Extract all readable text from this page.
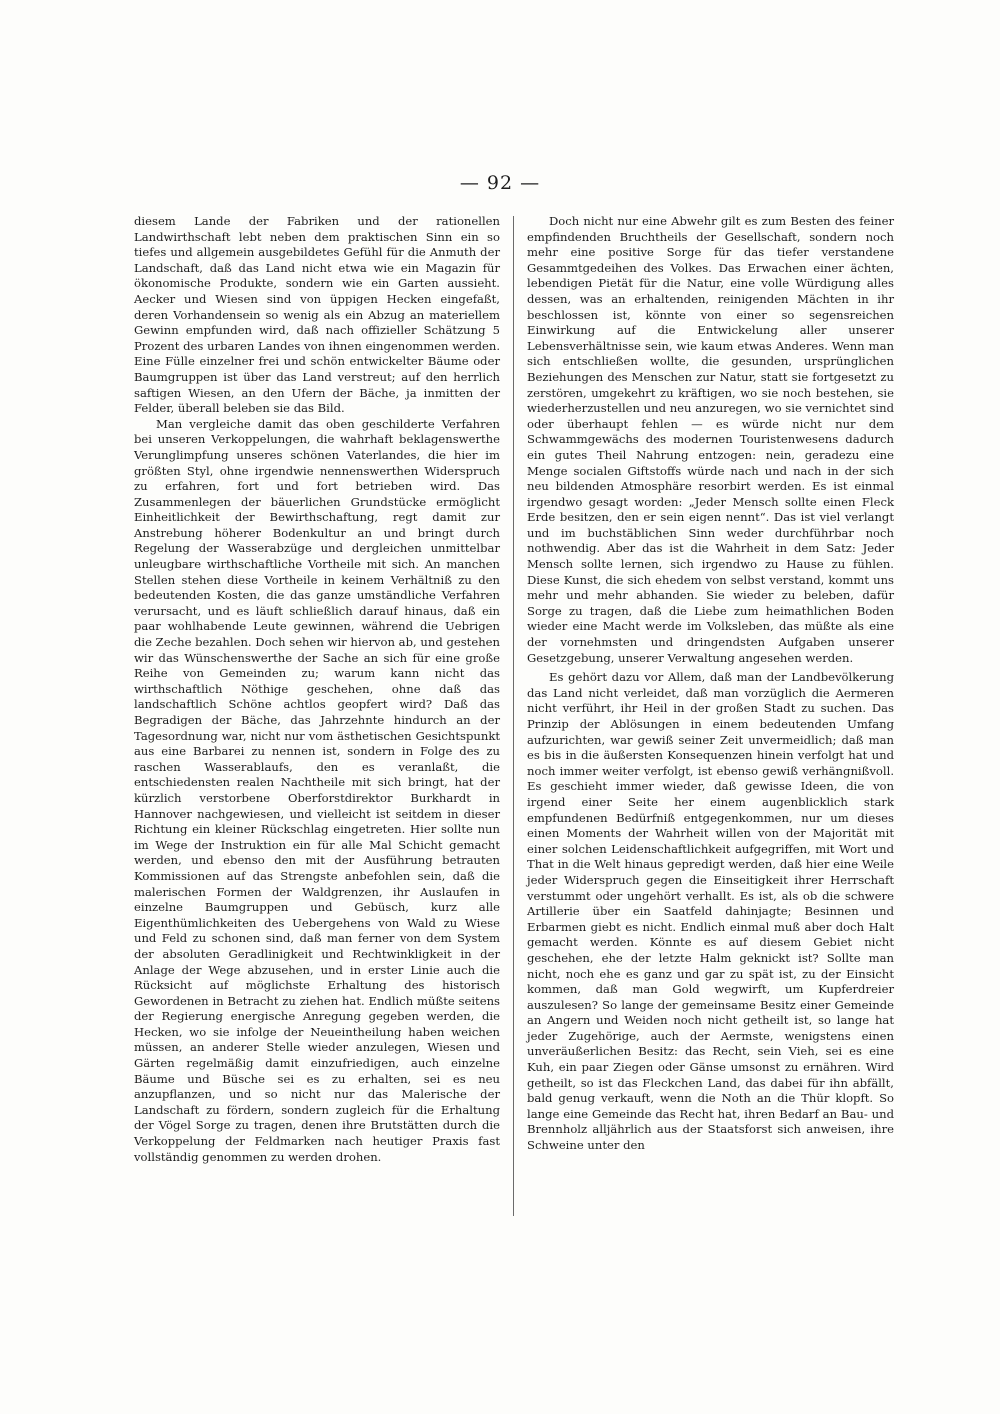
— 92 —

diesem Lande der Fabriken und der rationellen Landwirthschaft lebt neben dem praktischen Sinn ein so tiefes und allgemein ausgebildetes Gefühl für die Anmuth der Landschaft, daß das Land nicht etwa wie ein Magazin für ökonomische Produkte, sondern wie ein Garten aussieht. Aecker und Wiesen sind von üppigen Hecken eingefaßt, deren Vorhandensein so wenig als ein Abzug an materiellem Gewinn empfunden wird, daß nach offizieller Schätzung 5 Prozent des urbaren Landes von ihnen eingenommen werden. Eine Fülle einzelner frei und schön entwickelter Bäume oder Baumgruppen ist über das Land verstreut; auf den herrlich saftigen Wiesen, an den Ufern der Bäche, ja inmitten der Felder, überall beleben sie das Bild.

Man vergleiche damit das oben geschilderte Verfahren bei unseren Verkoppelungen, die wahrhaft beklagenswerthe Verunglimpfung unseres schönen Vaterlandes, die hier im größten Styl, ohne irgendwie nennenswerthen Widerspruch zu erfahren, fort und fort betrieben wird. Das Zusammenlegen der bäuerlichen Grundstücke ermöglicht Einheitlichkeit der Bewirthschaftung, regt damit zur Anstrebung höherer Bodenkultur an und bringt durch Regelung der Wasserabzüge und dergleichen unmittelbar unleugbare wirthschaftliche Vortheile mit sich. An manchen Stellen stehen diese Vortheile in keinem Verhältniß zu den bedeutenden Kosten, die das ganze umständliche Verfahren verursacht, und es läuft schließlich darauf hinaus, daß ein paar wohlhabende Leute gewinnen, während die Uebrigen die Zeche bezahlen. Doch sehen wir hiervon ab, und gestehen wir das Wünschenswerthe der Sache an sich für eine große Reihe von Gemeinden zu; warum kann nicht das wirthschaftlich Nöthige geschehen, ohne daß das landschaftlich Schöne achtlos geopfert wird? Daß das Begradigen der Bäche, das Jahrzehnte hindurch an der Tagesordnung war, nicht nur vom ästhetischen Gesichtspunkt aus eine Barbarei zu nennen ist, sondern in Folge des zu raschen Wasserablaufs, den es veranlaßt, die entschiedensten realen Nachtheile mit sich bringt, hat der kürzlich verstorbene Oberforstdirektor Burkhardt in Hannover nachgewiesen, und vielleicht ist seitdem in dieser Richtung ein kleiner Rückschlag eingetreten. Hier sollte nun im Wege der Instruktion ein für alle Mal Schicht gemacht werden, und ebenso den mit der Ausführung betrauten Kommissionen auf das Strengste anbefohlen sein, daß die malerischen Formen der Waldgrenzen, ihr Auslaufen in einzelne Baumgruppen und Gebüsch, kurz alle Eigenthümlichkeiten des Uebergehens von Wald zu Wiese und Feld zu schonen sind, daß man ferner von dem System der absoluten Geradlinigkeit und Rechtwinkligkeit in der Anlage der Wege abzusehen, und in erster Linie auch die Rücksicht auf möglichste Erhaltung des historisch Gewordenen in Betracht zu ziehen hat. Endlich müßte seitens der Regierung energische Anregung gegeben werden, die Hecken, wo sie infolge der Neueintheilung haben weichen müssen, an anderer Stelle wieder anzulegen, Wiesen und Gärten regelmäßig damit einzufriedigen, auch einzelne Bäume und Büsche sei es zu erhalten, sei es neu anzupflanzen, und so nicht nur das Malerische der Landschaft zu fördern, sondern zugleich für die Erhaltung der Vögel Sorge zu tragen, denen ihre Brutstätten durch die Verkoppelung der Feldmarken nach heutiger Praxis fast vollständig genommen zu werden drohen.

Doch nicht nur eine Abwehr gilt es zum Besten des feiner empfindenden Bruchtheils der Gesellschaft, sondern noch mehr eine positive Sorge für das tiefer verstandene Gesammtgedeihen des Volkes. Das Erwachen einer ächten, lebendigen Pietät für die Natur, eine volle Würdigung alles dessen, was an erhaltenden, reinigenden Mächten in ihr beschlossen ist, könnte von einer so segensreichen Einwirkung auf die Entwickelung aller unserer Lebensverhältnisse sein, wie kaum etwas Anderes. Wenn man sich entschließen wollte, die gesunden, ursprünglichen Beziehungen des Menschen zur Natur, statt sie fortgesetzt zu zerstören, umgekehrt zu kräftigen, wo sie noch bestehen, sie wiederherzustellen und neu anzuregen, wo sie vernichtet sind oder überhaupt fehlen — es würde nicht nur dem Schwammgewächs des modernen Touristenwesens dadurch ein gutes Theil Nahrung entzogen: nein, geradezu eine Menge socialen Giftstoffs würde nach und nach in der sich neu bildenden Atmosphäre resorbirt werden. Es ist einmal irgendwo gesagt worden: „Jeder Mensch sollte einen Fleck Erde besitzen, den er sein eigen nennt“. Das ist viel verlangt und im buchstäblichen Sinn weder durchführbar noch nothwendig. Aber das ist die Wahrheit in dem Satz: Jeder Mensch sollte lernen, sich irgendwo zu Hause zu fühlen. Diese Kunst, die sich ehedem von selbst verstand, kommt uns mehr und mehr abhanden. Sie wieder zu beleben, dafür Sorge zu tragen, daß die Liebe zum heimathlichen Boden wieder eine Macht werde im Volksleben, das müßte als eine der vornehmsten und dringendsten Aufgaben unserer Gesetzgebung, unserer Verwaltung angesehen werden.

Es gehört dazu vor Allem, daß man der Landbevölkerung das Land nicht verleidet, daß man vorzüglich die Aermeren nicht verführt, ihr Heil in der großen Stadt zu suchen. Das Prinzip der Ablösungen in einem bedeutenden Umfang aufzurichten, war gewiß seiner Zeit unvermeidlich; daß man es bis in die äußersten Konsequenzen hinein verfolgt hat und noch immer weiter verfolgt, ist ebenso gewiß verhängnißvoll. Es geschieht immer wieder, daß gewisse Ideen, die von irgend einer Seite her einem augenblicklich stark empfundenen Bedürfniß entgegenkommen, nur um dieses einen Moments der Wahrheit willen von der Majorität mit einer solchen Leidenschaftlichkeit aufgegriffen, mit Wort und That in die Welt hinaus gepredigt werden, daß hier eine Weile jeder Widerspruch gegen die Einseitigkeit ihrer Herrschaft verstummt oder ungehört verhallt. Es ist, als ob die schwere Artillerie über ein Saatfeld dahinjagte; Besinnen und Erbarmen giebt es nicht. Endlich einmal muß aber doch Halt gemacht werden. Könnte es auf diesem Gebiet nicht geschehen, ehe der letzte Halm geknickt ist? Sollte man nicht, noch ehe es ganz und gar zu spät ist, zu der Einsicht kommen, daß man Gold wegwirft, um Kupferdreier auszulesen? So lange der gemeinsame Besitz einer Gemeinde an Angern und Weiden noch nicht getheilt ist, so lange hat jeder Zugehörige, auch der Aermste, wenigstens einen unveräußerlichen Besitz: das Recht, sein Vieh, sei es eine Kuh, ein paar Ziegen oder Gänse umsonst zu ernähren. Wird getheilt, so ist das Fleckchen Land, das dabei für ihn abfällt, bald genug verkauft, wenn die Noth an die Thür klopft. So lange eine Gemeinde das Recht hat, ihren Bedarf an Bau- und Brennholz alljährlich aus der Staatsforst sich anweisen, ihre Schweine unter den
